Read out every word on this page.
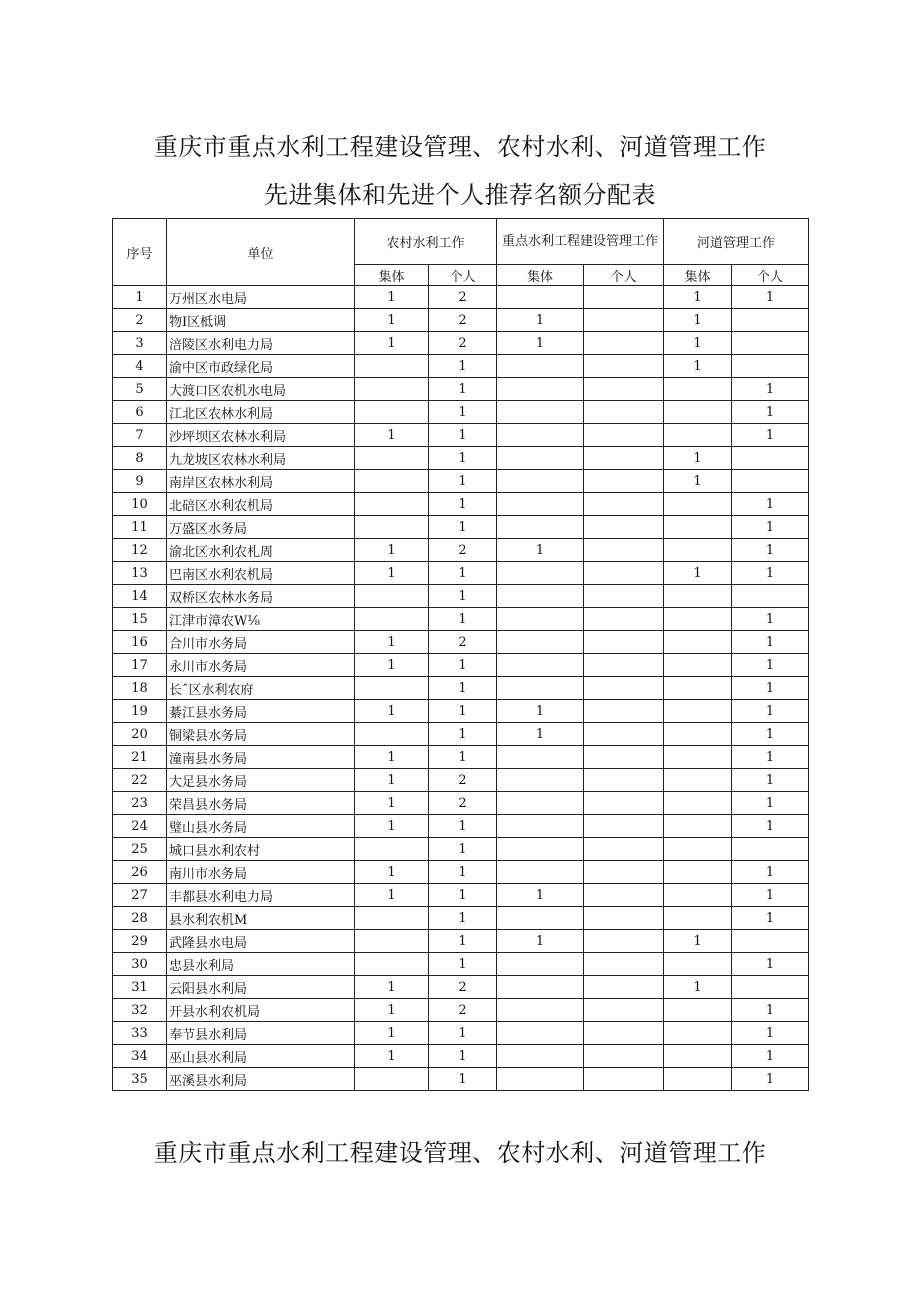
重庆市重点水利工程建设管理、农村水利、河道管理工作
先进集体和先进个人推荐名额分配表
序号	单位	农村水利工作		重点水利工程建设管理工作		河道管理工作	
		集体	个人	集体	个人	集体	个人
1	万州区水电局	1	2			1	1
2	物I区柢调	1	2	1		1	
3	涪陵区水利电力局	1	2	1		1	
4	渝中区市政绿化局		1			1	
5	大渡口区农机水电局		1				1
6	江北区农林水利局		1				1
7	沙坪坝区农林水利局	1	1				1
8	九龙坡区农林水利局		1			1	
9	南岸区农林水利局		1			1	
10	北碚区水利农机局		1				1
11	万盛区水务局		1				1
12	渝北区水利农札周	1	2	1			1
13	巴南区水利农机局	1	1			1	1
14	双桥区农林水务局		1				
15	江津市漳农W⅛		1				1
16	合川市水务局	1	2				1
17	永川市水务局	1	1				1
18	长ˆ区水利农府		1				1
19	綦江县水务局	1	1	1			1
20	铜梁县水务局		1	1			1
21	潼南县水务局	1	1				1
22	大足县水务局	1	2				1
23	荣昌县水务局	1	2				1
24	璧山县水务局	1	1				1
25	城口县水利农村		1				
26	南川市水务局	1	1				1
27	丰都县水利电力局	1	1	1			1
28	县水利农机M		1				1
29	武隆县水电局		1	1		1	
30	忠县水利局		1				1
31	云阳县水利局	1	2			1	
32	开县水利农机局	1	2				1
33	奉节县水利局	1	1				1
34	巫山县水利局	1	1				1
35	巫溪县水利局		1				1
重庆市重点水利工程建设管理、农村水利、河道管理工作
